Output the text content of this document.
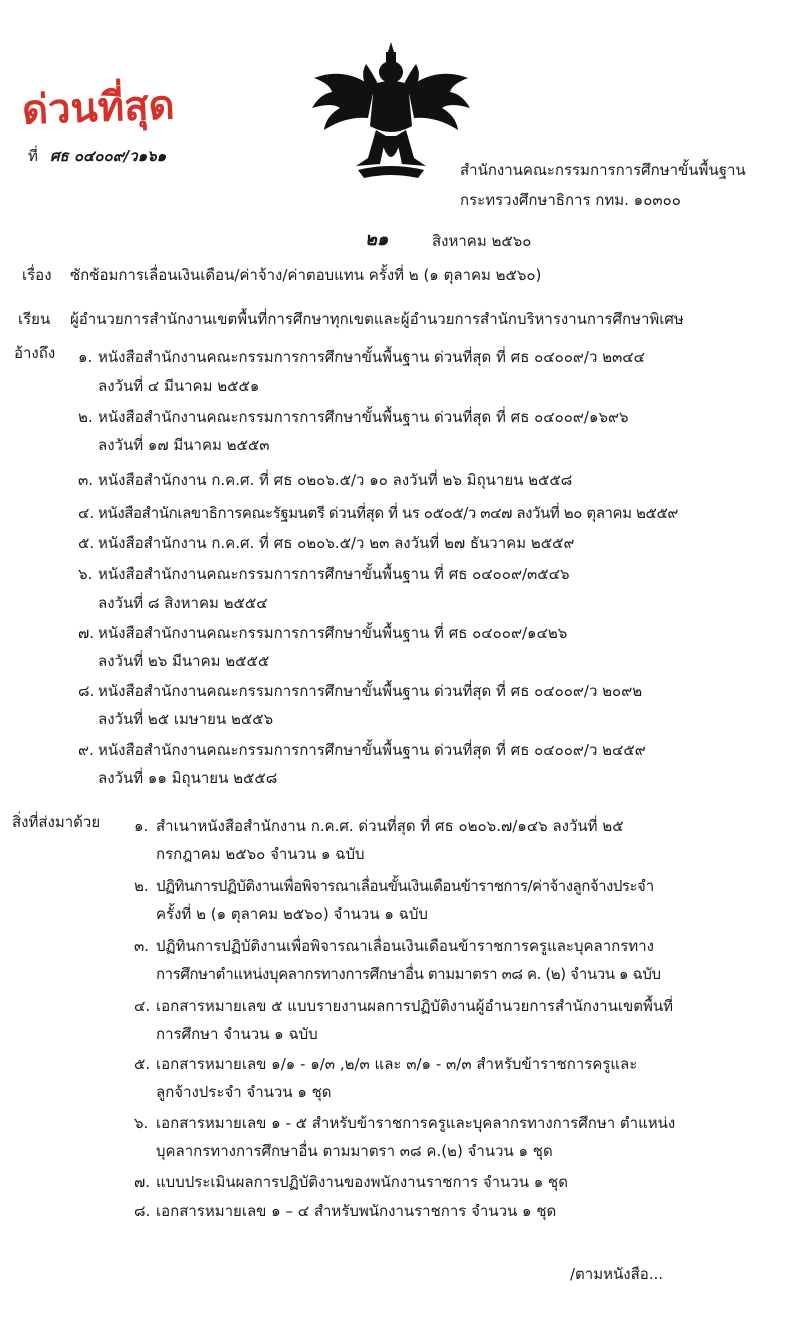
ด่วนที่สุด
ที่ ศธ ๐๔๐๐๙/ว๑๖๑
สำนักงานคณะกรรมการการศึกษาขั้นพื้นฐาน
กระทรวงศึกษาธิการ กทม. ๑๐๓๐๐
๒๑	สิงหาคม ๒๕๖๐
เรื่อง ซักซ้อมการเลื่อนเงินเดือน/ค่าจ้าง/ค่าตอบแทน ครั้งที่ ๒ (๑ ตุลาคม ๒๕๖๐)
เรียน ผู้อำนวยการสำนักงานเขตพื้นที่การศึกษาทุกเขตและผู้อำนวยการสำนักบริหารงานการศึกษาพิเศษ
อ้างถึง ๑. หนังสือสำนักงานคณะกรรมการการศึกษาขั้นพื้นฐาน ด่วนที่สุด ที่ ศธ ๐๔๐๐๙/ว ๒๓๔๔
ลงวันที่ ๔ มีนาคม ๒๕๕๑
๒. หนังสือสำนักงานคณะกรรมการการศึกษาขั้นพื้นฐาน ด่วนที่สุด ที่ ศธ ๐๔๐๐๙/๑๖๙๖
ลงวันที่ ๑๗ มีนาคม ๒๕๕๓
๓. หนังสือสำนักงาน ก.ค.ศ. ที่ ศธ ๐๒๐๖.๕/ว ๑๐ ลงวันที่ ๒๖ มิถุนายน ๒๕๕๘
๔. หนังสือสำนักเลขาธิการคณะรัฐมนตรี ด่วนที่สุด ที่ นร ๐๕๐๕/ว ๓๔๗ ลงวันที่ ๒๐ ตุลาคม ๒๕๕๙
๕. หนังสือสำนักงาน ก.ค.ศ. ที่ ศธ ๐๒๐๖.๕/ว ๒๓ ลงวันที่ ๒๗ ธันวาคม ๒๕๕๙
๖. หนังสือสำนักงานคณะกรรมการการศึกษาขั้นพื้นฐาน ที่ ศธ ๐๔๐๐๙/๓๕๔๖
ลงวันที่ ๘ สิงหาคม ๒๕๕๔
๗. หนังสือสำนักงานคณะกรรมการการศึกษาขั้นพื้นฐาน ที่ ศธ ๐๔๐๐๙/๑๔๒๖
ลงวันที่ ๒๖ มีนาคม ๒๕๕๕
๘. หนังสือสำนักงานคณะกรรมการการศึกษาขั้นพื้นฐาน ด่วนที่สุด ที่ ศธ ๐๔๐๐๙/ว ๒๐๙๒
ลงวันที่ ๒๕ เมษายน ๒๕๕๖
๙. หนังสือสำนักงานคณะกรรมการการศึกษาขั้นพื้นฐาน ด่วนที่สุด ที่ ศธ ๐๔๐๐๙/ว ๒๔๕๙
ลงวันที่ ๑๑ มิถุนายน ๒๕๕๘
สิ่งที่ส่งมาด้วย ๑. สำเนาหนังสือสำนักงาน ก.ค.ศ. ด่วนที่สุด ที่ ศธ ๐๒๐๖.๗/๑๔๖ ลงวันที่ ๒๕
กรกฎาคม ๒๕๖๐ จำนวน ๑ ฉบับ
๒. ปฏิทินการปฏิบัติงานเพื่อพิจารณาเลื่อนขั้นเงินเดือนข้าราชการ/ค่าจ้างลูกจ้างประจำ
ครั้งที่ ๒ (๑ ตุลาคม ๒๕๖๐) จำนวน ๑ ฉบับ
๓. ปฏิทินการปฏิบัติงานเพื่อพิจารณาเลื่อนเงินเดือนข้าราชการครูและบุคลากรทาง
การศึกษาตำแหน่งบุคลากรทางการศึกษาอื่น ตามมาตรา ๓๘ ค. (๒) จำนวน ๑ ฉบับ
๔. เอกสารหมายเลข ๕ แบบรายงานผลการปฏิบัติงานผู้อำนวยการสำนักงานเขตพื้นที่
การศึกษา จำนวน ๑ ฉบับ
๕. เอกสารหมายเลข ๑/๑ - ๑/๓ ,๒/๓ และ ๓/๑ - ๓/๓ สำหรับข้าราชการครูและ
ลูกจ้างประจำ จำนวน ๑ ชุด
๖. เอกสารหมายเลข ๑ - ๕ สำหรับข้าราชการครูและบุคลากรทางการศึกษา ตำแหน่ง
บุคลากรทางการศึกษาอื่น ตามมาตรา ๓๘ ค.(๒) จำนวน ๑ ชุด
๗. แบบประเมินผลการปฏิบัติงานของพนักงานราชการ จำนวน ๑ ชุด
๘. เอกสารหมายเลข ๑ – ๔ สำหรับพนักงานราชการ จำนวน ๑ ชุด
/ตามหนังสือ...
